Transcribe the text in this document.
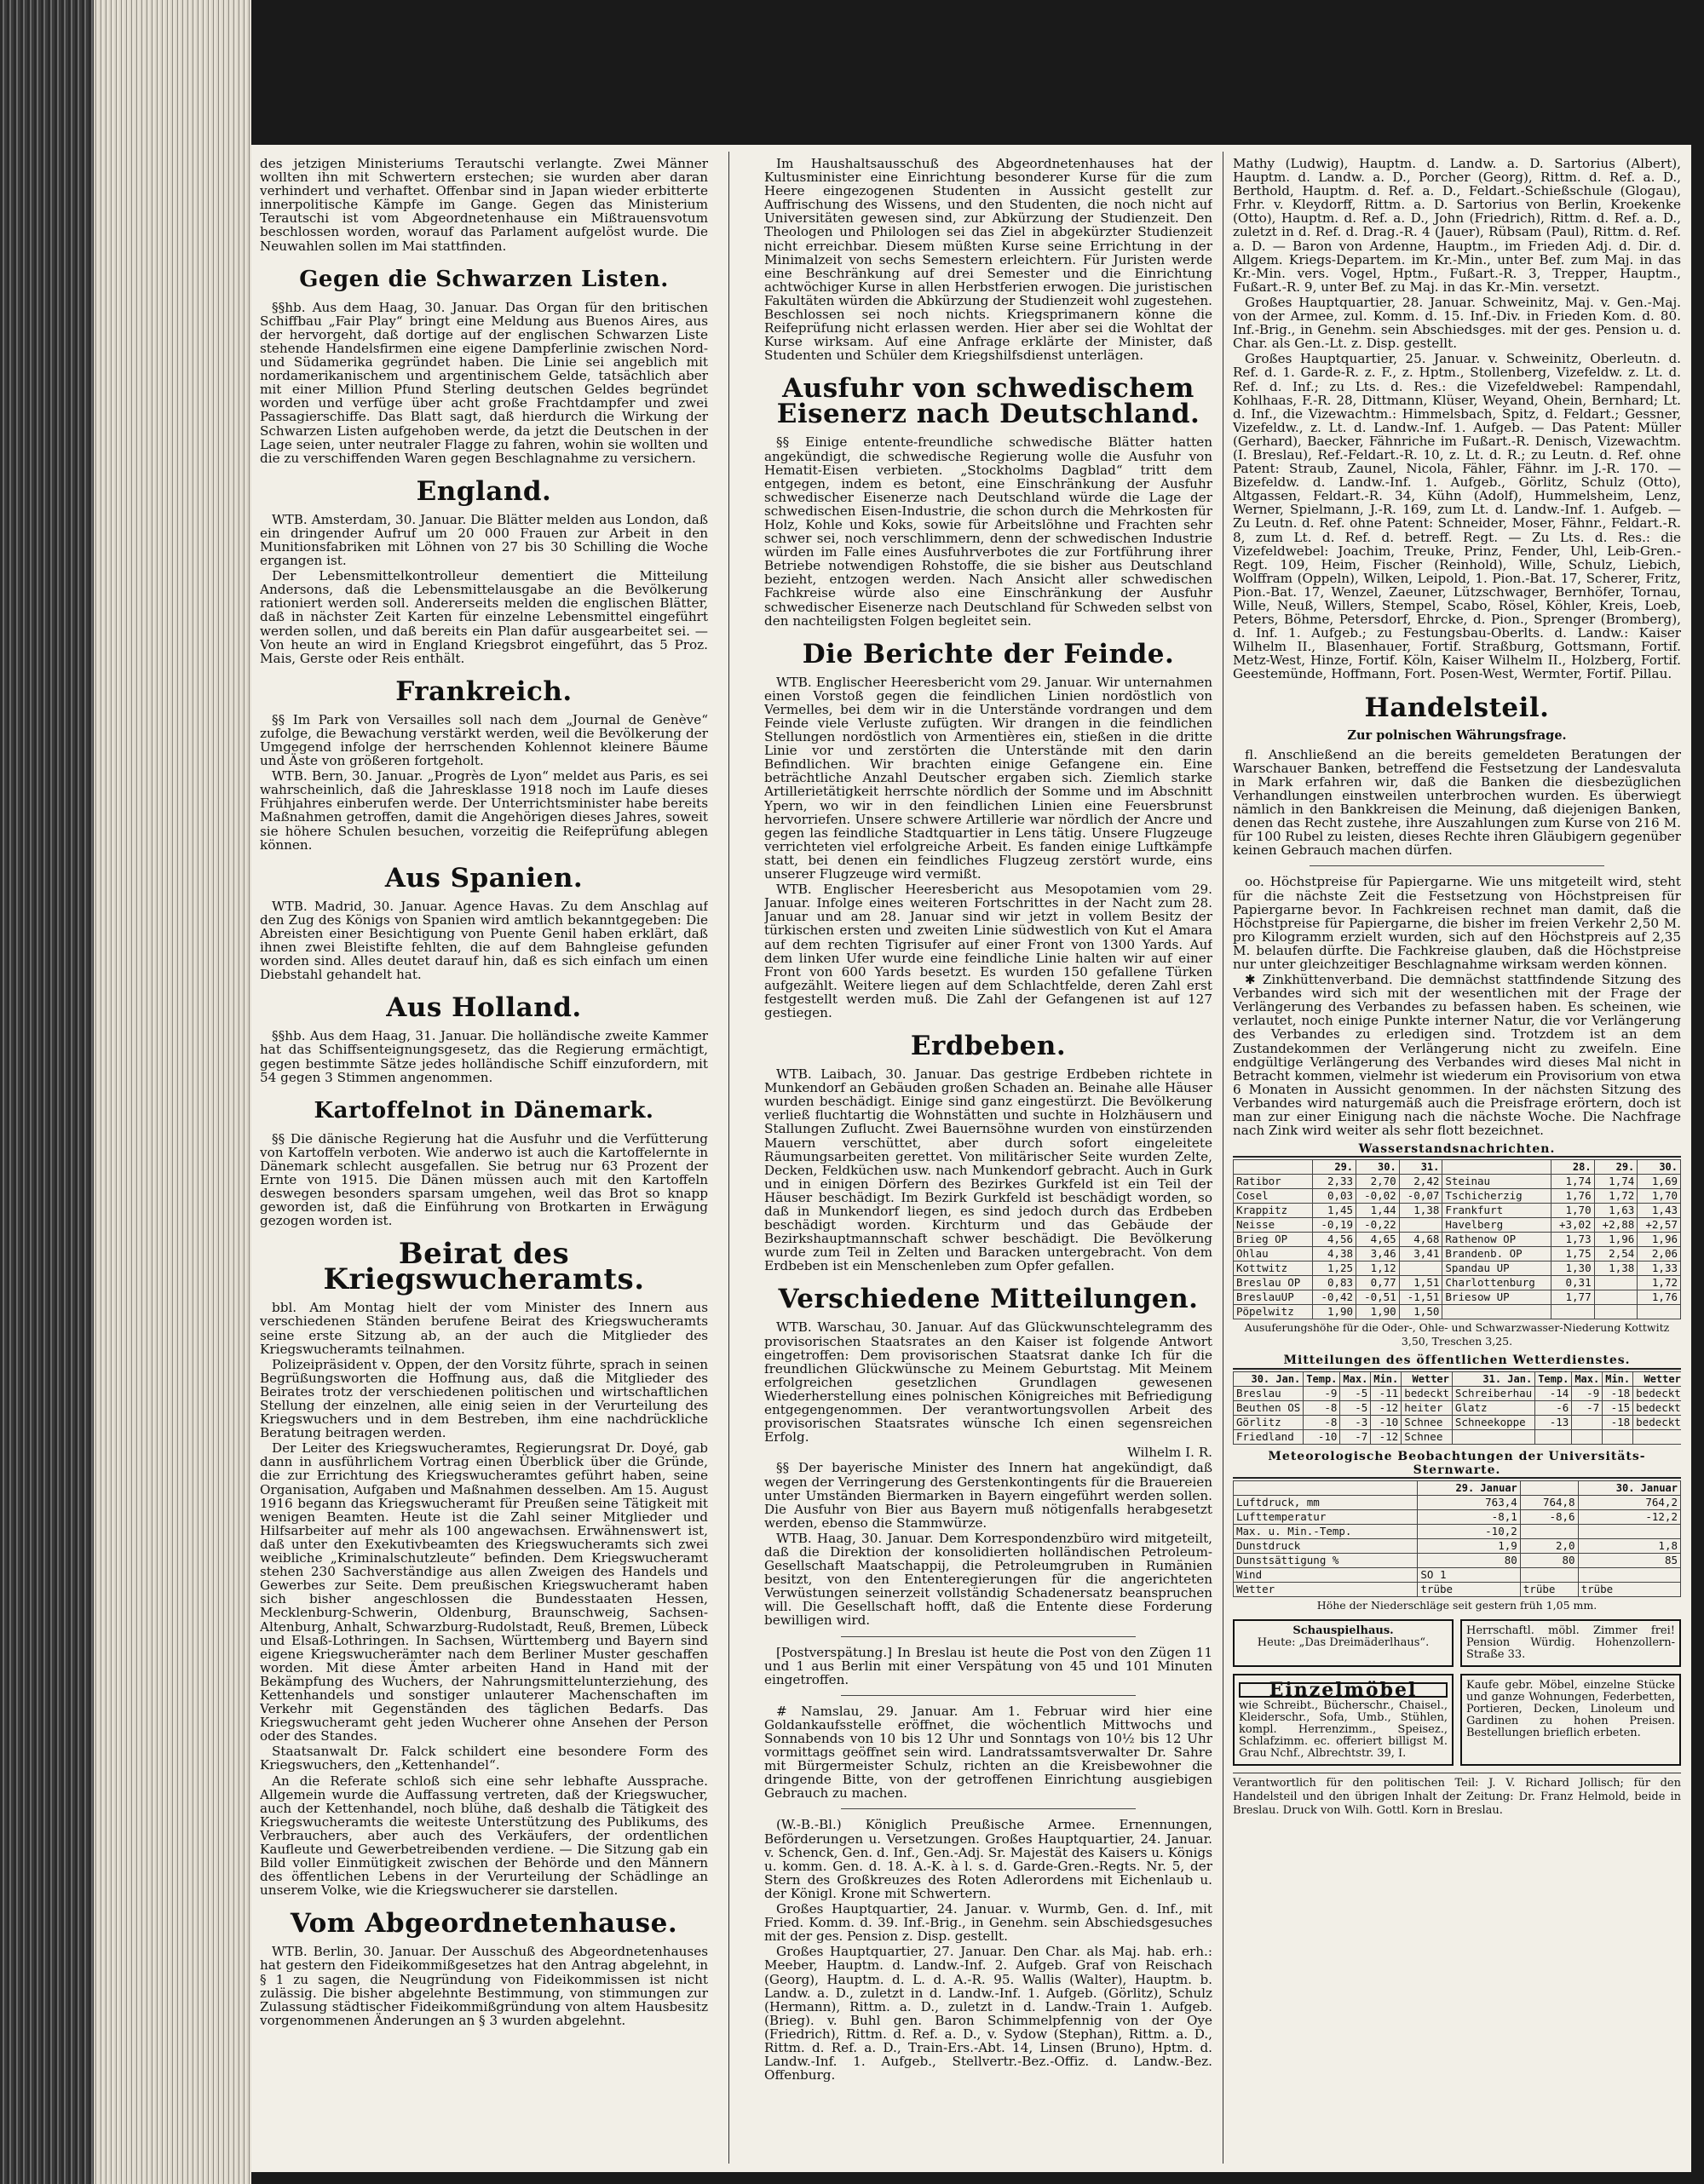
des jetzigen Ministeriums Terautschi verlangte. Zwei Männer wollten ihn mit Schwertern erstechen; sie wurden aber daran verhindert und verhaftet. Offenbar sind in Japan wieder erbitterte innerpolitische Kämpfe im Gange. Gegen das Ministerium Terautschi ist vom Abgeordnetenhause ein Mißtrauensvotum beschlossen worden, worauf das Parlament aufgelöst wurde. Die Neuwahlen sollen im Mai stattfinden.

Gegen die Schwarzen Listen.

§§hb. Aus dem Haag, 30. Januar. Das Organ für den britischen Schiffbau „Fair Play“ bringt eine Meldung aus Buenos Aires, aus der hervorgeht, daß dortige auf der englischen Schwarzen Liste stehende Handelsfirmen eine eigene Dampferlinie zwischen Nord- und Südamerika gegründet haben. Die Linie sei angeblich mit nordamerikanischem und argentinischem Gelde, tatsächlich aber mit einer Million Pfund Sterling deutschen Geldes begründet worden und verfüge über acht große Frachtdampfer und zwei Passagierschiffe. Das Blatt sagt, daß hierdurch die Wirkung der Schwarzen Listen aufgehoben werde, da jetzt die Deutschen in der Lage seien, unter neutraler Flagge zu fahren, wohin sie wollten und die zu verschiffenden Waren gegen Beschlagnahme zu versichern.

England.

WTB. Amsterdam, 30. Januar. Die Blätter melden aus London, daß ein dringender Aufruf um 20 000 Frauen zur Arbeit in den Munitionsfabriken mit Löhnen von 27 bis 30 Schilling die Woche ergangen ist.

Der Lebensmittelkontrolleur dementiert die Mitteilung Andersons, daß die Lebensmittelausgabe an die Bevölkerung rationiert werden soll. Andererseits melden die englischen Blätter, daß in nächster Zeit Karten für einzelne Lebensmittel eingeführt werden sollen, und daß bereits ein Plan dafür ausgearbeitet sei. — Von heute an wird in England Kriegsbrot eingeführt, das 5 Proz. Mais, Gerste oder Reis enthält.

Frankreich.

§§ Im Park von Versailles soll nach dem „Journal de Genève“ zufolge, die Bewachung verstärkt werden, weil die Bevölkerung der Umgegend infolge der herrschenden Kohlennot kleinere Bäume und Äste von größeren fortgeholt.

WTB. Bern, 30. Januar. „Progrès de Lyon“ meldet aus Paris, es sei wahrscheinlich, daß die Jahresklasse 1918 noch im Laufe dieses Frühjahres einberufen werde. Der Unterrichtsminister habe bereits Maßnahmen getroffen, damit die Angehörigen dieses Jahres, soweit sie höhere Schulen besuchen, vorzeitig die Reifeprüfung ablegen können.

Aus Spanien.

WTB. Madrid, 30. Januar. Agence Havas. Zu dem Anschlag auf den Zug des Königs von Spanien wird amtlich bekanntgegeben: Die Abreisten einer Besichtigung von Puente Genil haben erklärt, daß ihnen zwei Bleistifte fehlten, die auf dem Bahngleise gefunden worden sind. Alles deutet darauf hin, daß es sich einfach um einen Diebstahl gehandelt hat.

Aus Holland.

§§hb. Aus dem Haag, 31. Januar. Die holländische zweite Kammer hat das Schiffsenteignungsgesetz, das die Regierung ermächtigt, gegen bestimmte Sätze jedes holländische Schiff einzufordern, mit 54 gegen 3 Stimmen angenommen.

Kartoffelnot in Dänemark.

§§ Die dänische Regierung hat die Ausfuhr und die Verfütterung von Kartoffeln verboten. Wie anderwo ist auch die Kartoffelernte in Dänemark schlecht ausgefallen. Sie betrug nur 63 Prozent der Ernte von 1915. Die Dänen müssen auch mit den Kartoffeln deswegen besonders sparsam umgehen, weil das Brot so knapp geworden ist, daß die Einführung von Brotkarten in Erwägung gezogen worden ist.

Beirat des Kriegswucheramts.

bbl. Am Montag hielt der vom Minister des Innern aus verschiedenen Ständen berufene Beirat des Kriegswucheramts seine erste Sitzung ab, an der auch die Mitglieder des Kriegswucheramts teilnahmen.

Polizeipräsident v. Oppen, der den Vorsitz führte, sprach in seinen Begrüßungsworten die Hoffnung aus, daß die Mitglieder des Beirates trotz der verschiedenen politischen und wirtschaftlichen Stellung der einzelnen, alle einig seien in der Verurteilung des Kriegswuchers und in dem Bestreben, ihm eine nachdrückliche Beratung beitragen werden.

Der Leiter des Kriegswucheramtes, Regierungsrat Dr. Doyé, gab dann in ausführlichem Vortrag einen Überblick über die Gründe, die zur Errichtung des Kriegswucheramtes geführt haben, seine Organisation, Aufgaben und Maßnahmen desselben. Am 15. August 1916 begann das Kriegswucheramt für Preußen seine Tätigkeit mit wenigen Beamten. Heute ist die Zahl seiner Mitglieder und Hilfsarbeiter auf mehr als 100 angewachsen. Erwähnenswert ist, daß unter den Exekutivbeamten des Kriegswucheramts sich zwei weibliche „Kriminalschutzleute“ befinden. Dem Kriegswucheramt stehen 230 Sachverständige aus allen Zweigen des Handels und Gewerbes zur Seite. Dem preußischen Kriegswucheramt haben sich bisher angeschlossen die Bundesstaaten Hessen, Mecklenburg-Schwerin, Oldenburg, Braunschweig, Sachsen-Altenburg, Anhalt, Schwarzburg-Rudolstadt, Reuß, Bremen, Lübeck und Elsaß-Lothringen. In Sachsen, Württemberg und Bayern sind eigene Kriegswucherämter nach dem Berliner Muster geschaffen worden. Mit diese Ämter arbeiten Hand in Hand mit der Bekämpfung des Wuchers, der Nahrungsmittelunterziehung, des Kettenhandels und sonstiger unlauterer Machenschaften im Verkehr mit Gegenständen des täglichen Bedarfs. Das Kriegswucheramt geht jeden Wucherer ohne Ansehen der Person oder des Standes.

Staatsanwalt Dr. Falck schildert eine besondere Form des Kriegswuchers, den „Kettenhandel“.

An die Referate schloß sich eine sehr lebhafte Aussprache. Allgemein wurde die Auffassung vertreten, daß der Kriegswucher, auch der Kettenhandel, noch blühe, daß deshalb die Tätigkeit des Kriegswucheramts die weiteste Unterstützung des Publikums, des Verbrauchers, aber auch des Verkäufers, der ordentlichen Kaufleute und Gewerbetreibenden verdiene. — Die Sitzung gab ein Bild voller Einmütigkeit zwischen der Behörde und den Männern des öffentlichen Lebens in der Verurteilung der Schädlinge an unserem Volke, wie die Kriegswucherer sie darstellen.

Vom Abgeordnetenhause.

WTB. Berlin, 30. Januar. Der Ausschuß des Abgeordnetenhauses hat gestern den Fideikommißgesetzes hat den Antrag abgelehnt, in § 1 zu sagen, die Neugründung von Fideikommissen ist nicht zulässig. Die bisher abgelehnte Bestimmung, von stimmungen zur Zulassung städtischer Fideikommißgründung von altem Hausbesitz vorgenommenen Änderungen an § 3 wurden abgelehnt.

Im Haushaltsausschuß des Abgeordnetenhauses hat der Kultusminister eine Einrichtung besonderer Kurse für die zum Heere eingezogenen Studenten in Aussicht gestellt zur Auffrischung des Wissens, und den Studenten, die noch nicht auf Universitäten gewesen sind, zur Abkürzung der Studienzeit. Den Theologen und Philologen sei das Ziel in abgekürzter Studienzeit nicht erreichbar. Diesem müßten Kurse seine Errichtung in der Minimalzeit von sechs Semestern erleichtern. Für Juristen werde eine Beschränkung auf drei Semester und die Einrichtung achtwöchiger Kurse in allen Herbstferien erwogen. Die juristischen Fakultäten würden die Abkürzung der Studienzeit wohl zugestehen. Beschlossen sei noch nichts. Kriegsprimanern könne die Reifeprüfung nicht erlassen werden. Hier aber sei die Wohltat der Kurse wirksam. Auf eine Anfrage erklärte der Minister, daß Studenten und Schüler dem Kriegshilfsdienst unterlägen.

Ausfuhr von schwedischem Eisenerz nach Deutschland.

§§ Einige entente-freundliche schwedische Blätter hatten angekündigt, die schwedische Regierung wolle die Ausfuhr von Hematit-Eisen verbieten. „Stockholms Dagblad“ tritt dem entgegen, indem es betont, eine Einschränkung der Ausfuhr schwedischer Eisenerze nach Deutschland würde die Lage der schwedischen Eisen-Industrie, die schon durch die Mehrkosten für Holz, Kohle und Koks, sowie für Arbeitslöhne und Frachten sehr schwer sei, noch verschlimmern, denn der schwedischen Industrie würden im Falle eines Ausfuhrverbotes die zur Fortführung ihrer Betriebe notwendigen Rohstoffe, die sie bisher aus Deutschland bezieht, entzogen werden. Nach Ansicht aller schwedischen Fachkreise würde also eine Einschränkung der Ausfuhr schwedischer Eisenerze nach Deutschland für Schweden selbst von den nachteiligsten Folgen begleitet sein.

Die Berichte der Feinde.

WTB. Englischer Heeresbericht vom 29. Januar. Wir unternahmen einen Vorstoß gegen die feindlichen Linien nordöstlich von Vermelles, bei dem wir in die Unterstände vordrangen und dem Feinde viele Verluste zufügten. Wir drangen in die feindlichen Stellungen nordöstlich von Armentières ein, stießen in die dritte Linie vor und zerstörten die Unterstände mit den darin Befindlichen. Wir brachten einige Gefangene ein. Eine beträchtliche Anzahl Deutscher ergaben sich. Ziemlich starke Artillerietätigkeit herrschte nördlich der Somme und im Abschnitt Ypern, wo wir in den feindlichen Linien eine Feuersbrunst hervorriefen. Unsere schwere Artillerie war nördlich der Ancre und gegen las feindliche Stadtquartier in Lens tätig. Unsere Flugzeuge verrichteten viel erfolgreiche Arbeit. Es fanden einige Luftkämpfe statt, bei denen ein feindliches Flugzeug zerstört wurde, eins unserer Flugzeuge wird vermißt.

WTB. Englischer Heeresbericht aus Mesopotamien vom 29. Januar. Infolge eines weiteren Fortschrittes in der Nacht zum 28. Januar und am 28. Januar sind wir jetzt in vollem Besitz der türkischen ersten und zweiten Linie südwestlich von Kut el Amara auf dem rechten Tigrisufer auf einer Front von 1300 Yards. Auf dem linken Ufer wurde eine feindliche Linie halten wir auf einer Front von 600 Yards besetzt. Es wurden 150 gefallene Türken aufgezählt. Weitere liegen auf dem Schlachtfelde, deren Zahl erst festgestellt werden muß. Die Zahl der Gefangenen ist auf 127 gestiegen.

Erdbeben.

WTB. Laibach, 30. Januar. Das gestrige Erdbeben richtete in Munkendorf an Gebäuden großen Schaden an. Beinahe alle Häuser wurden beschädigt. Einige sind ganz eingestürzt. Die Bevölkerung verließ fluchtartig die Wohnstätten und suchte in Holzhäusern und Stallungen Zuflucht. Zwei Bauernsöhne wurden von einstürzenden Mauern verschüttet, aber durch sofort eingeleitete Räumungsarbeiten gerettet. Von militärischer Seite wurden Zelte, Decken, Feldküchen usw. nach Munkendorf gebracht. Auch in Gurk und in einigen Dörfern des Bezirkes Gurkfeld ist ein Teil der Häuser beschädigt. Im Bezirk Gurkfeld ist beschädigt worden, so daß in Munkendorf liegen, es sind jedoch durch das Erdbeben beschädigt worden. Kirchturm und das Gebäude der Bezirkshauptmannschaft schwer beschädigt. Die Bevölkerung wurde zum Teil in Zelten und Baracken untergebracht. Von dem Erdbeben ist ein Menschenleben zum Opfer gefallen.

Verschiedene Mitteilungen.

WTB. Warschau, 30. Januar. Auf das Glückwunschtelegramm des provisorischen Staatsrates an den Kaiser ist folgende Antwort eingetroffen: Dem provisorischen Staatsrat danke Ich für die freundlichen Glückwünsche zu Meinem Geburtstag. Mit Meinem erfolgreichen gesetzlichen Grundlagen gewesenen Wiederherstellung eines polnischen Königreiches mit Befriedigung entgegengenommen. Der verantwortungsvollen Arbeit des provisorischen Staatsrates wünsche Ich einen segensreichen Erfolg.

Wilhelm I. R.

§§ Der bayerische Minister des Innern hat angekündigt, daß wegen der Verringerung des Gerstenkontingents für die Brauereien unter Umständen Biermarken in Bayern eingeführt werden sollen. Die Ausfuhr von Bier aus Bayern muß nötigenfalls herabgesetzt werden, ebenso die Stammwürze.

WTB. Haag, 30. Januar. Dem Korrespondenzbüro wird mitgeteilt, daß die Direktion der konsolidierten holländischen Petroleum-Gesellschaft Maatschappij, die Petroleumgruben in Rumänien besitzt, von den Ententeregierungen für die angerichteten Verwüstungen seinerzeit vollständig Schadenersatz beanspruchen will. Die Gesellschaft hofft, daß die Entente diese Forderung bewilligen wird.

[Postverspätung.] In Breslau ist heute die Post von den Zügen 11 und 1 aus Berlin mit einer Verspätung von 45 und 101 Minuten eingetroffen.

# Namslau, 29. Januar. Am 1. Februar wird hier eine Goldankaufsstelle eröffnet, die wöchentlich Mittwochs und Sonnabends von 10 bis 12 Uhr und Sonntags von 10½ bis 12 Uhr vormittags geöffnet sein wird. Landratssamtsverwalter Dr. Sahre mit Bürgermeister Schulz, richten an die Kreisbewohner die dringende Bitte, von der getroffenen Einrichtung ausgiebigen Gebrauch zu machen.

(W.-B.-Bl.) Königlich Preußische Armee. Ernennungen, Beförderungen u. Versetzungen. Großes Hauptquartier, 24. Januar. v. Schenck, Gen. d. Inf., Gen.-Adj. Sr. Majestät des Kaisers u. Königs u. komm. Gen. d. 18. A.-K. à l. s. d. Garde-Gren.-Regts. Nr. 5, der Stern des Großkreuzes des Roten Adlerordens mit Eichenlaub u. der Königl. Krone mit Schwertern.

Großes Hauptquartier, 24. Januar. v. Wurmb, Gen. d. Inf., mit Fried. Komm. d. 39. Inf.-Brig., in Genehm. sein Abschiedsgesuches mit der ges. Pension z. Disp. gestellt.

Großes Hauptquartier, 27. Januar. Den Char. als Maj. hab. erh.: Meeber, Hauptm. d. Landw.-Inf. 2. Aufgeb. Graf von Reischach (Georg), Hauptm. d. L. d. A.-R. 95. Wallis (Walter), Hauptm. b. Landw. a. D., zuletzt in d. Landw.-Inf. 1. Aufgeb. (Görlitz), Schulz (Hermann), Rittm. a. D., zuletzt in d. Landw.-Train 1. Aufgeb. (Brieg). v. Buhl gen. Baron Schimmelpfennig von der Oye (Friedrich), Rittm. d. Ref. a. D., v. Sydow (Stephan), Rittm. a. D., Rittm. d. Ref. a. D., Train-Ers.-Abt. 14, Linsen (Bruno), Hptm. d. Landw.-Inf. 1. Aufgeb., Stellvertr.-Bez.-Offiz. d. Landw.-Bez. Offenburg.

Mathy (Ludwig), Hauptm. d. Landw. a. D. Sartorius (Albert), Hauptm. d. Landw. a. D., Porcher (Georg), Rittm. d. Ref. a. D., Berthold, Hauptm. d. Ref. a. D., Feldart.-Schießschule (Glogau), Frhr. v. Kleydorff, Rittm. a. D. Sartorius von Berlin, Kroekenke (Otto), Hauptm. d. Ref. a. D., John (Friedrich), Rittm. d. Ref. a. D., zuletzt in d. Ref. d. Drag.-R. 4 (Jauer), Rübsam (Paul), Rittm. d. Ref. a. D. — Baron von Ardenne, Hauptm., im Frieden Adj. d. Dir. d. Allgem. Kriegs-Departem. im Kr.-Min., unter Bef. zum Maj. in das Kr.-Min. vers. Vogel, Hptm., Fußart.-R. 3, Trepper, Hauptm., Fußart.-R. 9, unter Bef. zu Maj. in das Kr.-Min. versetzt.

Großes Hauptquartier, 28. Januar. Schweinitz, Maj. v. Gen.-Maj. von der Armee, zul. Komm. d. 15. Inf.-Div. in Frieden Kom. d. 80. Inf.-Brig., in Genehm. sein Abschiedsges. mit der ges. Pension u. d. Char. als Gen.-Lt. z. Disp. gestellt.

Großes Hauptquartier, 25. Januar. v. Schweinitz, Oberleutn. d. Ref. d. 1. Garde-R. z. F., z. Hptm., Stollenberg, Vizefeldw. z. Lt. d. Ref. d. Inf.; zu Lts. d. Res.: die Vizefeldwebel: Rampendahl, Kohlhaas, F.-R. 28, Dittmann, Klüser, Weyand, Ohein, Bernhard; Lt. d. Inf., die Vizewachtm.: Himmelsbach, Spitz, d. Feldart.; Gessner, Vizefeldw., z. Lt. d. Landw.-Inf. 1. Aufgeb. — Das Patent: Müller (Gerhard), Baecker, Fähnriche im Fußart.-R. Denisch, Vizewachtm. (I. Breslau), Ref.-Feldart.-R. 10, z. Lt. d. R.; zu Leutn. d. Ref. ohne Patent: Straub, Zaunel, Nicola, Fähler, Fähnr. im J.-R. 170. — Bizefeldw. d. Landw.-Inf. 1. Aufgeb., Görlitz, Schulz (Otto), Altgassen, Feldart.-R. 34, Kühn (Adolf), Hummelsheim, Lenz, Werner, Spielmann, J.-R. 169, zum Lt. d. Landw.-Inf. 1. Aufgeb. — Zu Leutn. d. Ref. ohne Patent: Schneider, Moser, Fähnr., Feldart.-R. 8, zum Lt. d. Ref. d. betreff. Regt. — Zu Lts. d. Res.: die Vizefeldwebel: Joachim, Treuke, Prinz, Fender, Uhl, Leib-Gren.-Regt. 109, Heim, Fischer (Reinhold), Wille, Schulz, Liebich, Wolffram (Oppeln), Wilken, Leipold, 1. Pion.-Bat. 17, Scherer, Fritz, Pion.-Bat. 17, Wenzel, Zaeuner, Lützschwager, Bernhöfer, Tornau, Wille, Neuß, Willers, Stempel, Scabo, Rösel, Köhler, Kreis, Loeb, Peters, Böhme, Petersdorf, Ehrcke, d. Pion., Sprenger (Bromberg), d. Inf. 1. Aufgeb.; zu Festungsbau-Oberlts. d. Landw.: Kaiser Wilhelm II., Blasenhauer, Fortif. Straßburg, Gottsmann, Fortif. Metz-West, Hinze, Fortif. Köln, Kaiser Wilhelm II., Holzberg, Fortif. Geestemünde, Hoffmann, Fort. Posen-West, Wermter, Fortif. Pillau.

Handelsteil.
Zur polnischen Währungsfrage.

fl. Anschließend an die bereits gemeldeten Beratungen der Warschauer Banken, betreffend die Festsetzung der Landesvaluta in Mark erfahren wir, daß die Banken die diesbezüglichen Verhandlungen einstweilen unterbrochen wurden. Es überwiegt nämlich in den Bankkreisen die Meinung, daß diejenigen Banken, denen das Recht zustehe, ihre Auszahlungen zum Kurse von 216 M. für 100 Rubel zu leisten, dieses Rechte ihren Gläubigern gegenüber keinen Gebrauch machen dürfen.

oo. Höchstpreise für Papiergarne. Wie uns mitgeteilt wird, steht für die nächste Zeit die Festsetzung von Höchstpreisen für Papiergarne bevor. In Fachkreisen rechnet man damit, daß die Höchstpreise für Papiergarne, die bisher im freien Verkehr 2,50 M. pro Kilogramm erzielt wurden, sich auf den Höchstpreis auf 2,35 M. belaufen dürfte. Die Fachkreise glauben, daß die Höchstpreise nur unter gleichzeitiger Beschlagnahme wirksam werden können.

✱ Zinkhüttenverband. Die demnächst stattfindende Sitzung des Verbandes wird sich mit der wesentlichen mit der Frage der Verlängerung des Verbandes zu befassen haben. Es scheinen, wie verlautet, noch einige Punkte interner Natur, die vor Verlängerung des Verbandes zu erledigen sind. Trotzdem ist an dem Zustandekommen der Verlängerung nicht zu zweifeln. Eine endgültige Verlängerung des Verbandes wird dieses Mal nicht in Betracht kommen, vielmehr ist wiederum ein Provisorium von etwa 6 Monaten in Aussicht genommen. In der nächsten Sitzung des Verbandes wird naturgemäß auch die Preisfrage erörtern, doch ist man zur einer Einigung nach die nächste Woche. Die Nachfrage nach Zink wird weiter als sehr flott bezeichnet.

Wasserstandsnachrichten.
	29.	30.	31.		28.	29.	30.
Ratibor	2,33	2,70	2,42	Steinau	1,74	1,74	1,69
Cosel	0,03	-0,02	-0,07	Tschicherzig	1,76	1,72	1,70
Krappitz	1,45	1,44	1,38	Frankfurt	1,70	1,63	1,43
Neisse	-0,19	-0,22		Havelberg	+3,02	+2,88	+2,57
Brieg OP	4,56	4,65	4,68	Rathenow OP	1,73	1,96	1,96
Ohlau	4,38	3,46	3,41	Brandenb. OP	1,75	2,54	2,06
Kottwitz	1,25	1,12		Spandau UP	1,30	1,38	1,33
Breslau OP	0,83	0,77	1,51	Charlottenburg	0,31		1,72
BreslauUP	-0,42	-0,51	-1,51	Briesow UP	1,77		1,76
Pöpelwitz	1,90	1,90	1,50				
Ausuferungshöhe für die Oder-, Ohle- und Schwarzwasser-Niederung Kottwitz 3,50, Treschen 3,25.
Mitteilungen des öffentlichen Wetterdienstes.
30. Jan.	Temp.	Max.	Min.	Wetter	31. Jan.	Temp.	Max.	Min.	Wetter
Breslau	-9	-5	-11	bedeckt	Schreiberhau	-14	-9	-18	bedeckt
Beuthen OS	-8	-5	-12	heiter	Glatz	-6	-7	-15	bedeckt
Görlitz	-8	-3	-10	Schnee	Schneekoppe	-13		-18	bedeckt
Friedland	-10	-7	-12	Schnee					
Meteorologische Beobachtungen der Universitäts-Sternwarte.
	29. Januar		30. Januar
Luftdruck, mm	763,4	764,8	764,2
Lufttemperatur	-8,1	-8,6	-12,2
Max. u. Min.-Temp.	-10,2		
Dunstdruck	1,9	2,0	1,8
Dunstsättigung %	80	80	85
Wind	SO 1		
Wetter	trübe	trübe	trübe
Höhe der Niederschläge seit gestern früh 1,05 mm.
Schauspielhaus.
Heute: „Das Dreimäderlhaus“.
Herrschaftl. möbl. Zimmer frei! Pension Würdig. Hohenzollern-Straße 33.
Einzelmöbel
wie Schreibt., Bücherschr., Chaisel., Kleiderschr., Sofa, Umb., Stühlen, kompl. Herrenzimm., Speisez., Schlafzimm. ec. offeriert billigst M. Grau Nchf., Albrechtstr. 39, I.
Kaufe gebr. Möbel, einzelne Stücke und ganze Wohnungen, Federbetten, Portieren, Decken, Linoleum und Gardinen zu hohen Preisen. Bestellungen brieflich erbeten.
Verantwortlich für den politischen Teil: J. V. Richard Jollisch; für den Handelsteil und den übrigen Inhalt der Zeitung: Dr. Franz Helmold, beide in Breslau. Druck von Wilh. Gottl. Korn in Breslau.
